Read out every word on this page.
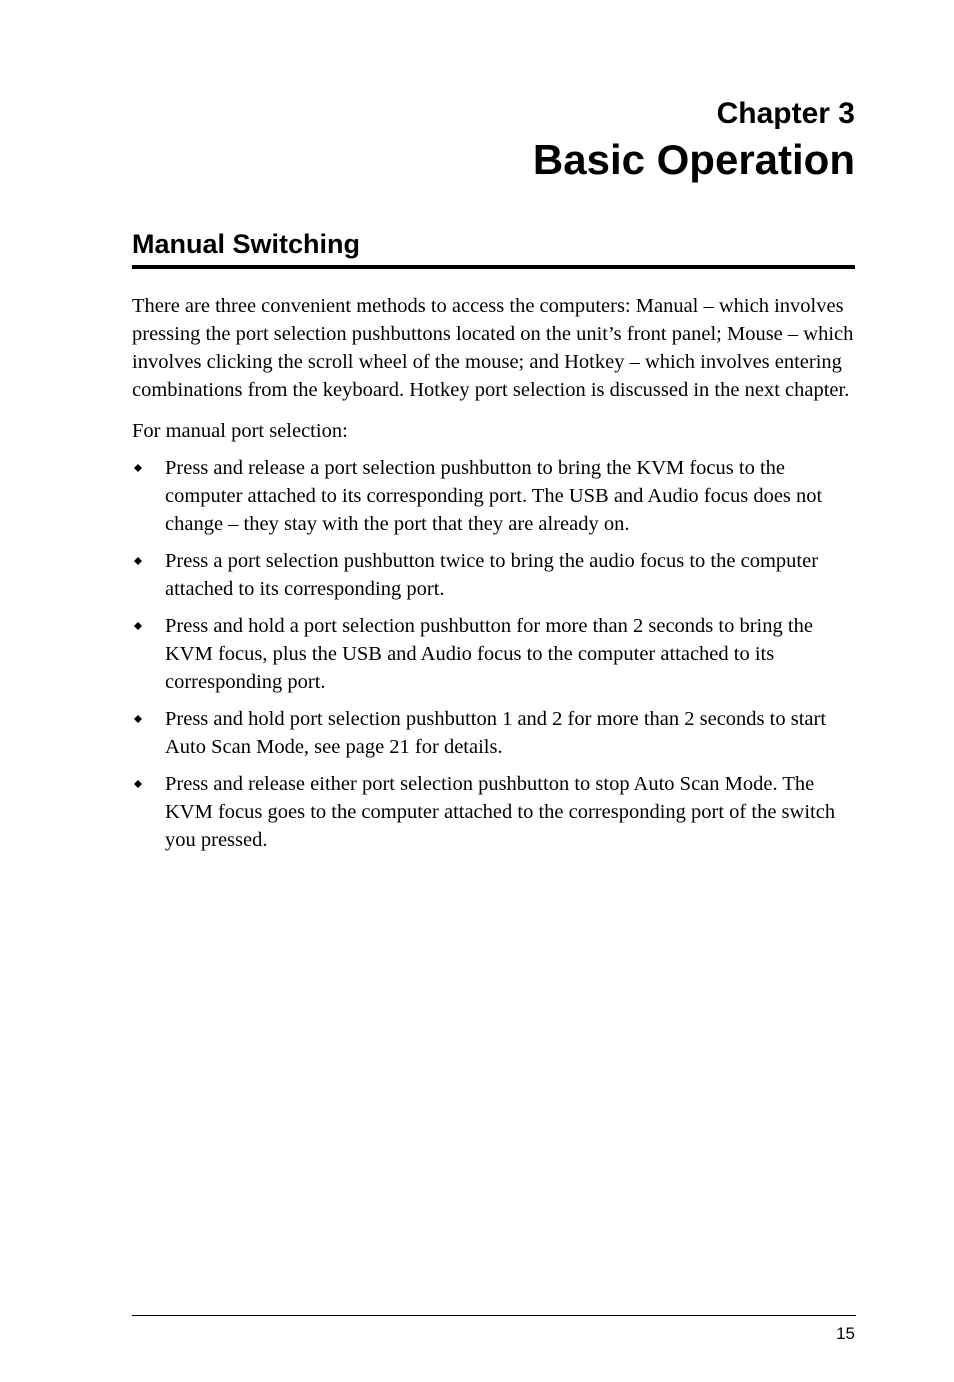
Chapter 3
Basic Operation
Manual Switching

There are three convenient methods to access the computers: Manual – which involves pressing the port selection pushbuttons located on the unit’s front panel; Mouse – which involves clicking the scroll wheel of the mouse; and Hotkey – which involves entering combinations from the keyboard. Hotkey port selection is discussed in the next chapter.

For manual port selection:

Press and release a port selection pushbutton to bring the KVM focus to the computer attached to its corresponding port. The USB and Audio focus does not change – they stay with the port that they are already on.
Press a port selection pushbutton twice to bring the audio focus to the computer attached to its corresponding port.
Press and hold a port selection pushbutton for more than 2 seconds to bring the KVM focus, plus the USB and Audio focus to the computer attached to its corresponding port.
Press and hold port selection pushbutton 1 and 2 for more than 2 seconds to start Auto Scan Mode, see page 21 for details.
Press and release either port selection pushbutton to stop Auto Scan Mode. The KVM focus goes to the computer attached to the corresponding port of the switch you pressed.

15
